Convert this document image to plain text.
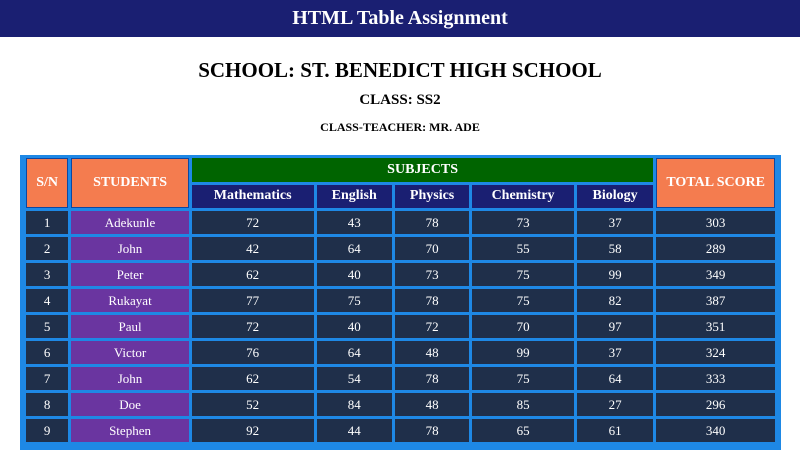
HTML Table Assignment
SCHOOL: ST. BENEDICT HIGH SCHOOL
CLASS: SS2
CLASS-TEACHER: MR. ADE
S/N	STUDENTS	SUBJECTS					TOTAL SCORE
		Mathematics	English	Physics	Chemistry	Biology	
1	Adekunle	72	43	78	73	37	303
2	John	42	64	70	55	58	289
3	Peter	62	40	73	75	99	349
4	Rukayat	77	75	78	75	82	387
5	Paul	72	40	72	70	97	351
6	Victor	76	64	48	99	37	324
7	John	62	54	78	75	64	333
8	Doe	52	84	48	85	27	296
9	Stephen	92	44	78	65	61	340
